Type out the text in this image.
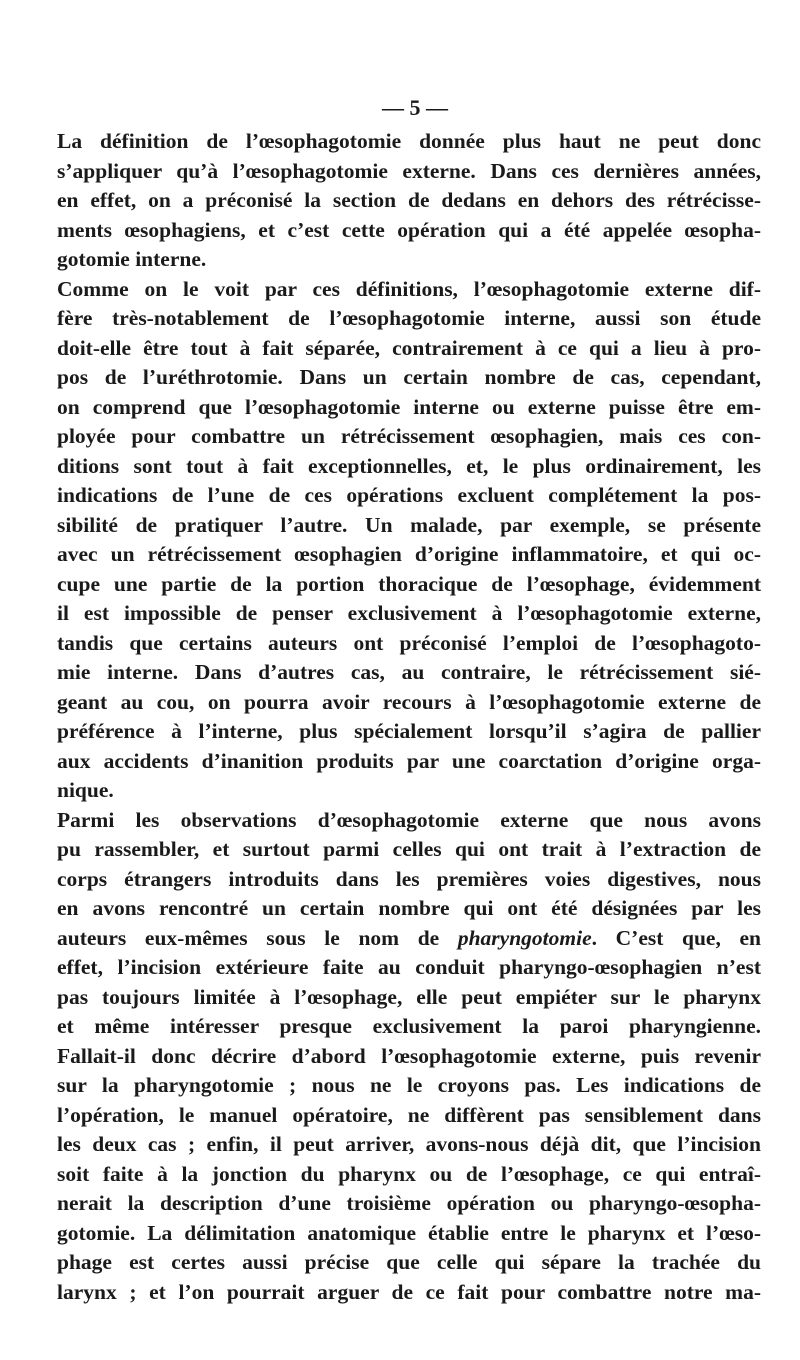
— 5 —

La définition de l’œsophagotomie donnée plus haut ne peut donc
s’appliquer qu’à l’œsophagotomie externe. Dans ces dernières années,
en effet, on a préconisé la section de dedans en dehors des rétrécisse-
ments œsophagiens, et c’est cette opération qui a été appelée œsopha-
gotomie interne.

Comme on le voit par ces définitions, l’œsophagotomie externe dif-
fère très-notablement de l’œsophagotomie interne, aussi son étude
doit-elle être tout à fait séparée, contrairement à ce qui a lieu à pro-
pos de l’uréthrotomie. Dans un certain nombre de cas, cependant,
on comprend que l’œsophagotomie interne ou externe puisse être em-
ployée pour combattre un rétrécissement œsophagien, mais ces con-
ditions sont tout à fait exceptionnelles, et, le plus ordinairement, les
indications de l’une de ces opérations excluent complétement la pos-
sibilité de pratiquer l’autre. Un malade, par exemple, se présente
avec un rétrécissement œsophagien d’origine inflammatoire, et qui oc-
cupe une partie de la portion thoracique de l’œsophage, évidemment
il est impossible de penser exclusivement à l’œsophagotomie externe,
tandis que certains auteurs ont préconisé l’emploi de l’œsophagoto-
mie interne. Dans d’autres cas, au contraire, le rétrécissement sié-
geant au cou, on pourra avoir recours à l’œsophagotomie externe de
préférence à l’interne, plus spécialement lorsqu’il s’agira de pallier
aux accidents d’inanition produits par une coarctation d’origine orga-
nique.

Parmi les observations d’œsophagotomie externe que nous avons
pu rassembler, et surtout parmi celles qui ont trait à l’extraction de
corps étrangers introduits dans les premières voies digestives, nous
en avons rencontré un certain nombre qui ont été désignées par les
auteurs eux-mêmes sous le nom de pharyngotomie. C’est que, en
effet, l’incision extérieure faite au conduit pharyngo-œsophagien n’est
pas toujours limitée à l’œsophage, elle peut empiéter sur le pharynx
et même intéresser presque exclusivement la paroi pharyngienne.
Fallait-il donc décrire d’abord l’œsophagotomie externe, puis revenir
sur la pharyngotomie ; nous ne le croyons pas. Les indications de
l’opération, le manuel opératoire, ne diffèrent pas sensiblement dans
les deux cas ; enfin, il peut arriver, avons-nous déjà dit, que l’incision
soit faite à la jonction du pharynx ou de l’œsophage, ce qui entraî-
nerait la description d’une troisième opération ou pharyngo-œsopha-
gotomie. La délimitation anatomique établie entre le pharynx et l’œso-
phage est certes aussi précise que celle qui sépare la trachée du
larynx ; et l’on pourrait arguer de ce fait pour combattre notre ma-
